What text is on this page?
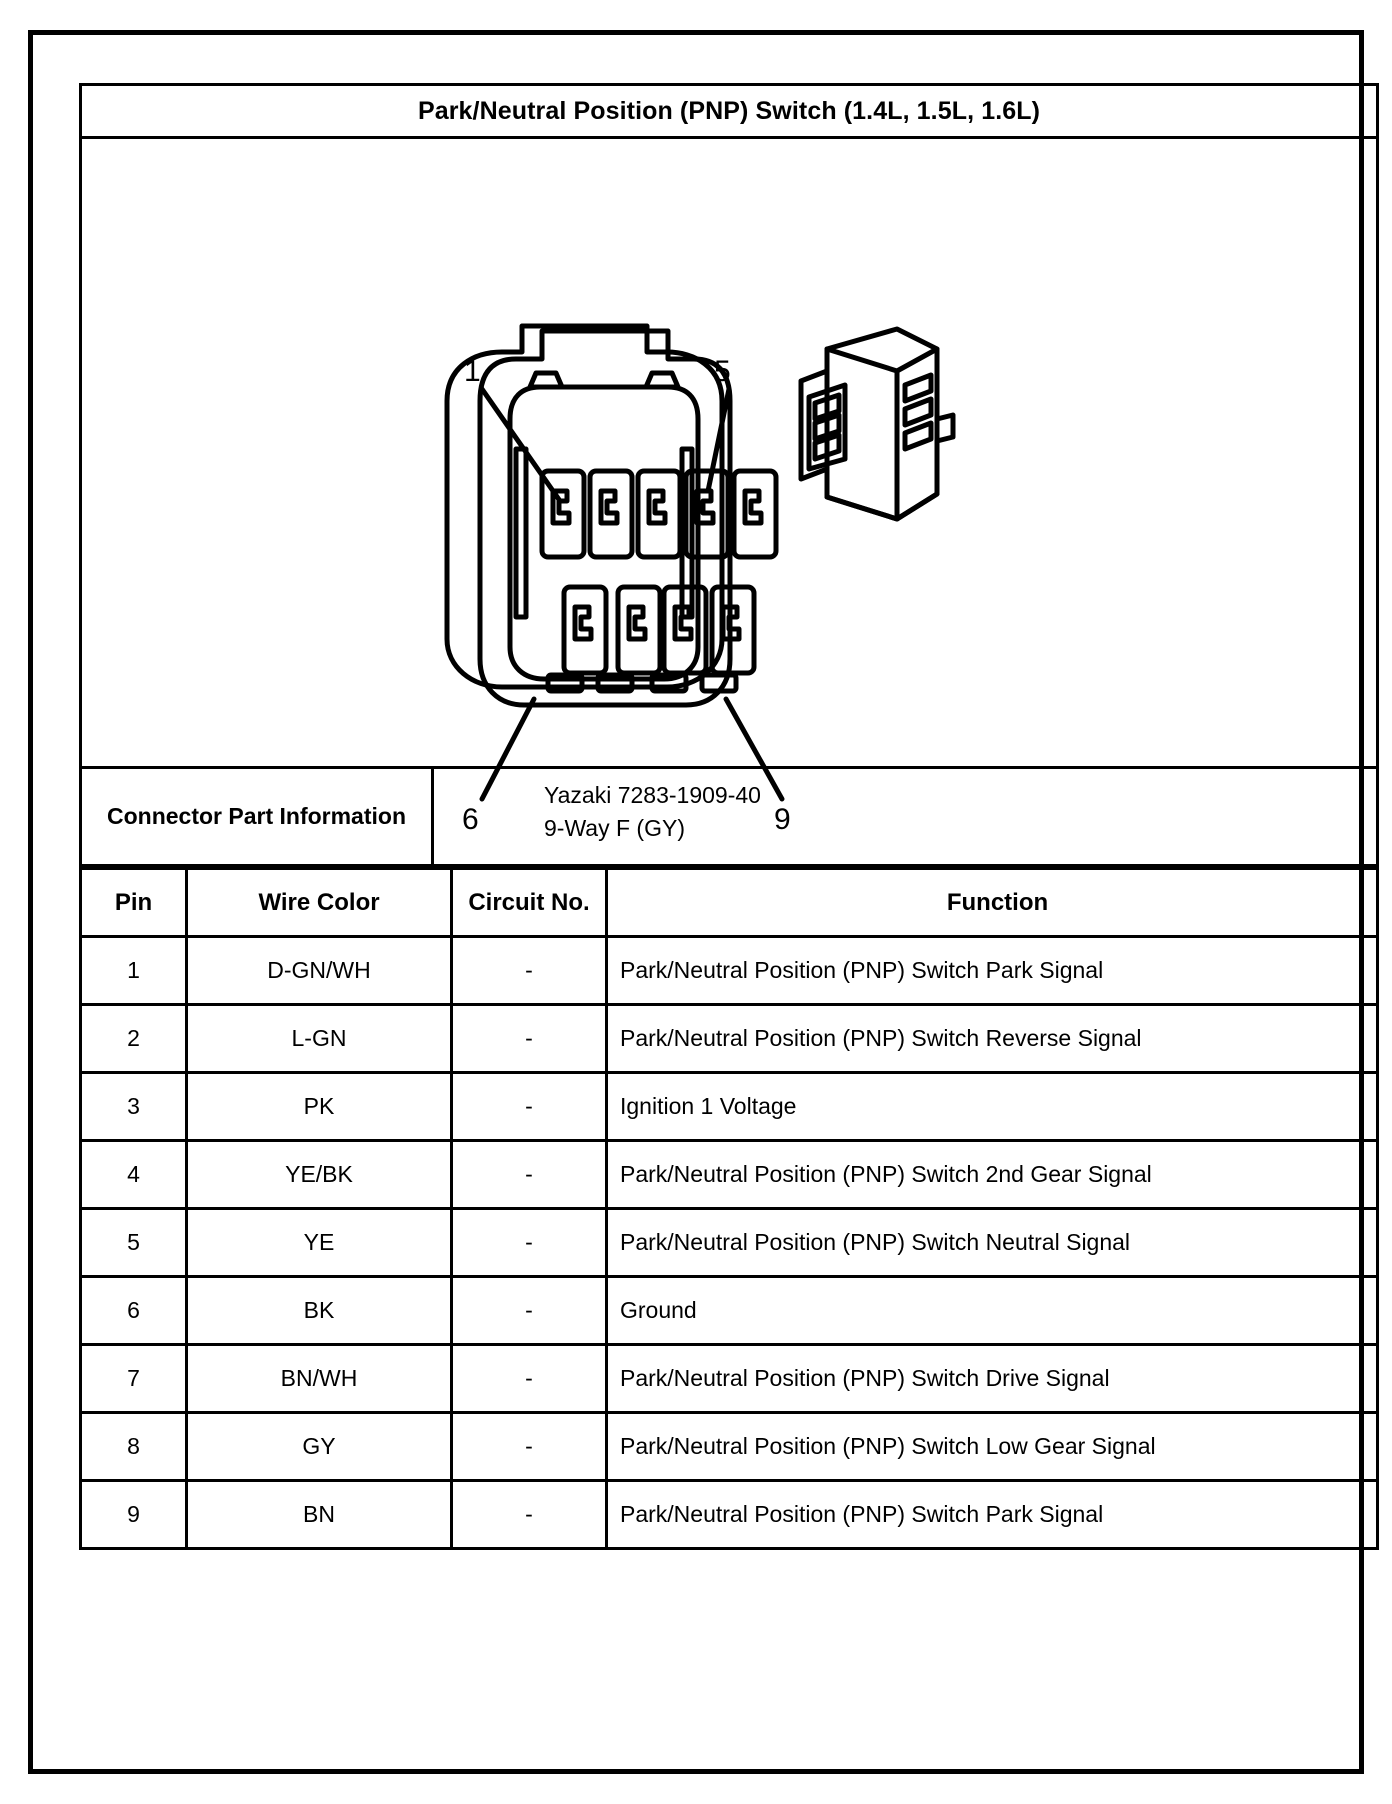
Park/Neutral Position (PNP) Switch (1.4L, 1.5L, 1.6L)
1	5
6	9
Connector Part Information
Yazaki 7283-1909-40
9-Way F (GY)
Pin	Wire Color	Circuit No.	Function
1	D-GN/WH	-	Park/Neutral Position (PNP) Switch Park Signal
2	L-GN	-	Park/Neutral Position (PNP) Switch Reverse Signal
3	PK	-	Ignition 1 Voltage
4	YE/BK	-	Park/Neutral Position (PNP) Switch 2nd Gear Signal
5	YE	-	Park/Neutral Position (PNP) Switch Neutral Signal
6	BK	-	Ground
7	BN/WH	-	Park/Neutral Position (PNP) Switch Drive Signal
8	GY	-	Park/Neutral Position (PNP) Switch Low Gear Signal
9	BN	-	Park/Neutral Position (PNP) Switch Park Signal
